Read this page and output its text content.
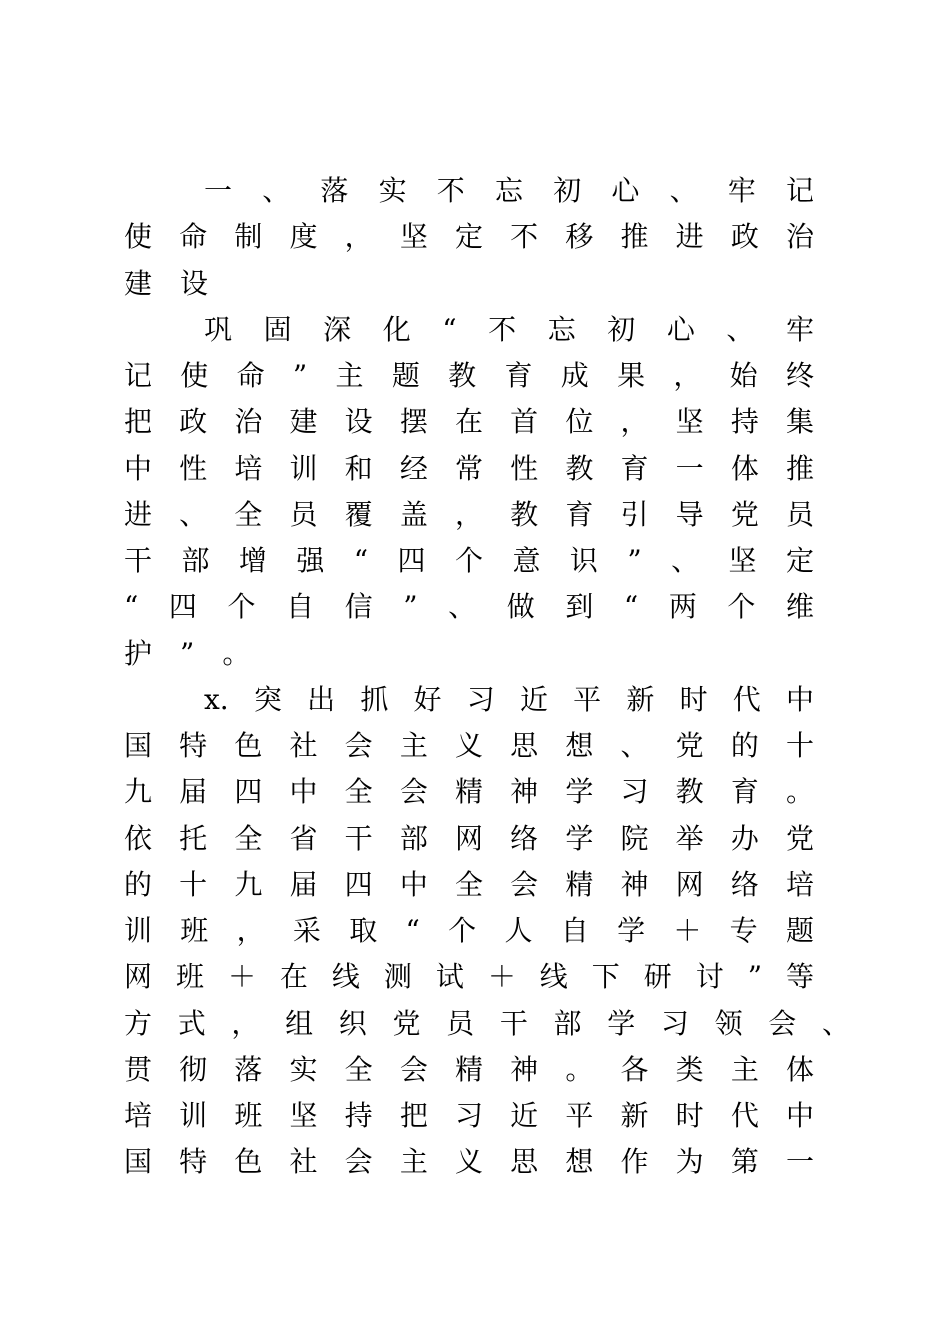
一、落实不忘初心、牢记
使命制度，坚定不移推进政治
建设
巩固深化“不忘初心、牢
记使命”主题教育成果，始终
把政治建设摆在首位，坚持集
中性培训和经常性教育一体推
进、全员覆盖，教育引导党员
干部增强“四个意识”、坚定
“四个自信”、做到“两个维
护”。
x.突出抓好习近平新时代中
国特色社会主义思想、党的十
九届四中全会精神学习教育。
依托全省干部网络学院举办党
的十九届四中全会精神网络培
训班，采取“个人自学＋专题
网班＋在线测试＋线下研讨”等
方式，组织党员干部学习领会、
贯彻落实全会精神。各类主体
培训班坚持把习近平新时代中
国特色社会主义思想作为第一
